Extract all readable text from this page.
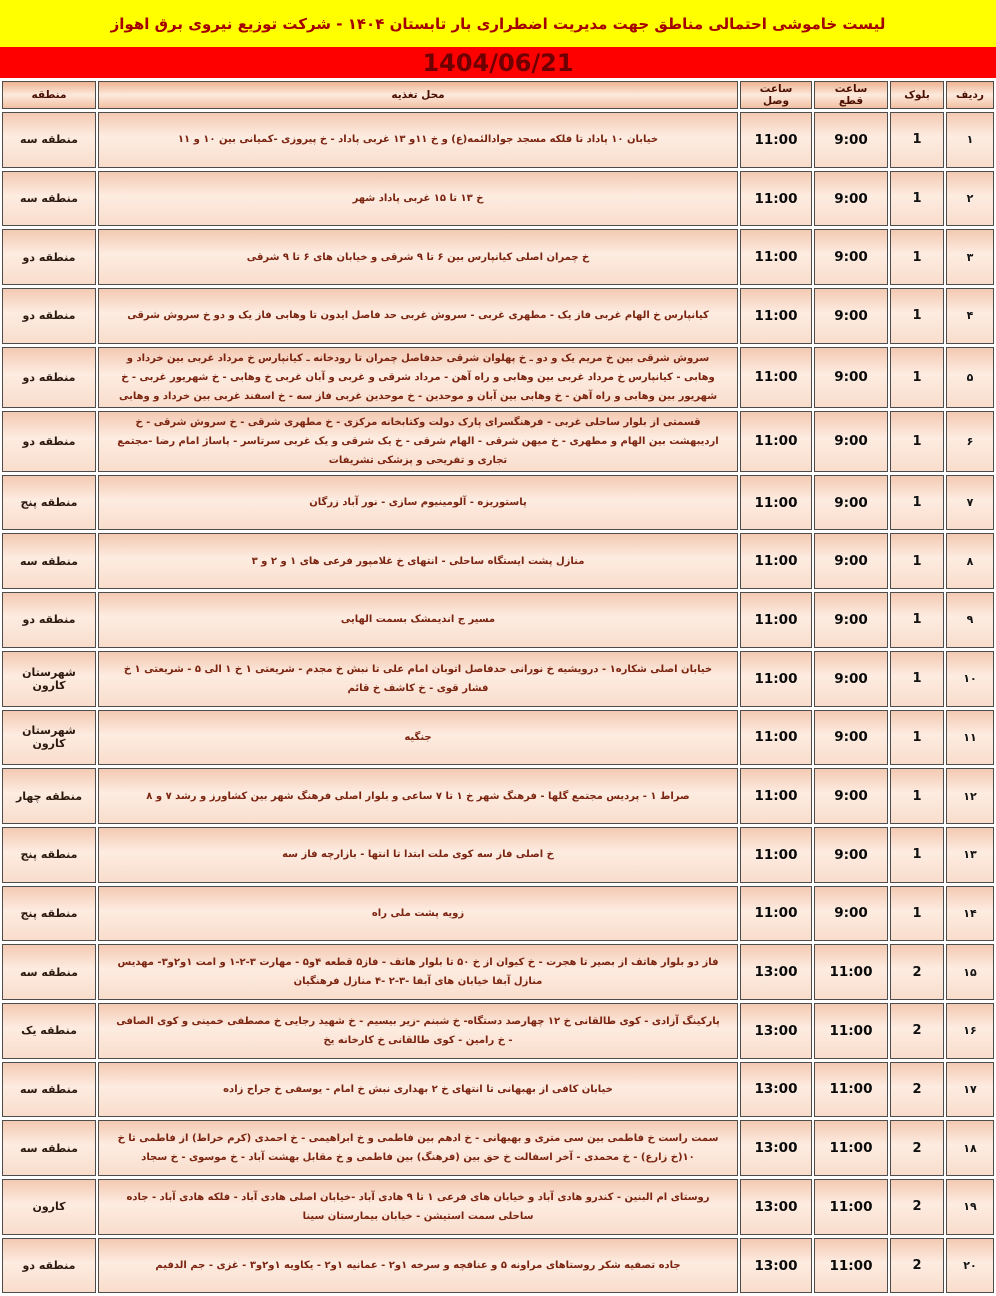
لیست خاموشی احتمالی مناطق جهت مدیریت اضطراری بار تابستان ۱۴۰۴ - شرکت توزیع نیروی برق اهواز
1404/06/21
ردیف	بلوک	ساعت قطع	ساعت وصل	محل تغذیه	منطقه
۱	1	9:00	11:00	خیابان ۱۰ پاداد تا فلکه مسجد جوادالئمه(ع) و خ ۱۱و ۱۳ غربی پاداد - خ پیروزی -کمیانی بین ۱۰ و ۱۱	منطقه سه
۲	1	9:00	11:00	خ ۱۳ تا ۱۵ غربی پاداد شهر	منطقه سه
۳	1	9:00	11:00	خ چمران اصلی کیانپارس بین ۶ تا ۹ شرقی و خیابان های ۶ تا ۹ شرقی	منطقه دو
۴	1	9:00	11:00	کیانپارس خ الهام غربی فاز یک - مطهری غربی - سروش غربی حد فاصل ایدون تا وهابی فاز یک و دو خ سروش شرقی	منطقه دو
۵	1	9:00	11:00	سروش شرقی بین خ مریم یک و دو ـ خ پهلوان شرقی حدفاصل چمران تا رودخانه ـ کیانپارس خ مرداد غربی بین خرداد و وهابی - کیانپارس خ مرداد غربی بین وهابی و راه آهن - مرداد شرقی و غربی و آبان غربی خ وهابی - خ شهریور غربی - خ شهریور بین وهابی و راه آهن - خ وهابی بین آبان و موحدین - خ موحدین غربی فاز سه - خ اسفند غربی بین خرداد و وهابی	منطقه دو
۶	1	9:00	11:00	قسمتی از بلوار ساحلی غربی - فرهنگسرای پارک دولت وکتابخانه مرکزی - خ مطهری شرقی - خ سروش شرقی - خ اردیبهشت بین الهام و مطهری - خ میهن شرقی - الهام شرقی - خ یک شرقی و یک غربی سرتاسر - پاساژ امام رضا -مجتمع تجاری و تفریحی و پزشکی تشریفات	منطقه دو
۷	1	9:00	11:00	پاستوریزه - آلومینیوم سازی - نور آباد زرگان	منطقه پنج
۸	1	9:00	11:00	منازل پشت ایستگاه ساحلی - انتهای خ غلامپور فرعی های ۱ و ۲ و ۳	منطقه سه
۹	1	9:00	11:00	مسیر ج اندیمشک بسمت الهایی	منطقه دو
۱۰	1	9:00	11:00	خیابان اصلی شکاره۱ - درویشیه خ نورانی حدفاصل اتوبان امام علی تا نبش خ مجدم - شریعتی ۱ خ ۱ الی ۵ - شریعتی ۱ خ فشار قوی - خ کاشف خ قائم	شهرستان کارون
۱۱	1	9:00	11:00	جنگیه	شهرستان کارون
۱۲	1	9:00	11:00	صراط ۱ - پردیس مجتمع گلها - فرهنگ شهر خ ۱ تا ۷ ساعی و بلوار اصلی فرهنگ شهر بین کشاورز و رشد ۷ و ۸	منطقه چهار
۱۳	1	9:00	11:00	خ اصلی فاز سه کوی ملت ابتدا تا انتها - بازارچه فاز سه	منطقه پنج
۱۴	1	9:00	11:00	زویه پشت ملی راه	منطقه پنج
۱۵	2	11:00	13:00	فاز دو بلوار هاتف از بصیر تا هجرت - خ کیوان از خ ۵۰ تا بلوار هاتف - فاز۵ قطعه ۴و۵ - مهارت ۳-۲-۱ و امت ۱و۲و۳- مهدیس منازل آبفا خیابان های آبفا -۳-۲ -۴ منازل فرهنگیان	منطقه سه
۱۶	2	11:00	13:00	پارکینگ آزادی - کوی طالقانی خ ۱۲ چهارصد دستگاه- خ شبنم -زیر بیسیم - خ شهید رجایی خ مصطفی خمینی و کوی الصافی - خ رامین - کوی طالقانی خ کارخانه یخ	منطقه یک
۱۷	2	11:00	13:00	خیابان کافی از بهبهانی تا انتهای خ ۲ بهداری نبش خ امام - یوسفی خ جراح زاده	منطقه سه
۱۸	2	11:00	13:00	سمت راست خ فاطمی بین سی متری و بهبهانی - خ ادهم بین فاطمی و خ ابراهیمی - خ احمدی (کرم خراط) از فاطمی تا خ ۱۰(خ زارع) - خ محمدی - آخر اسفالت خ حق بین (فرهنگ) بین فاطمی و خ مقابل بهشت آباد - خ موسوی - خ سجاد	منطقه سه
۱۹	2	11:00	13:00	روستای ام البنین - کندرو هادی آباد و خیابان های فرعی ۱ تا ۹ هادی آباد -خیابان اصلی هادی آباد - فلکه هادی آباد - جاده ساحلی سمت استیشن - خیابان بیمارستان سینا	کارون
۲۰	2	11:00	13:00	جاده تصفیه شکر روستاهای مراونه ۵ و عنافچه و سرخه ۱و۲ - عمانیه ۱و۲ - یکاویه ۱و۲و۳ - غزی - جم الدفیم	منطقه دو
